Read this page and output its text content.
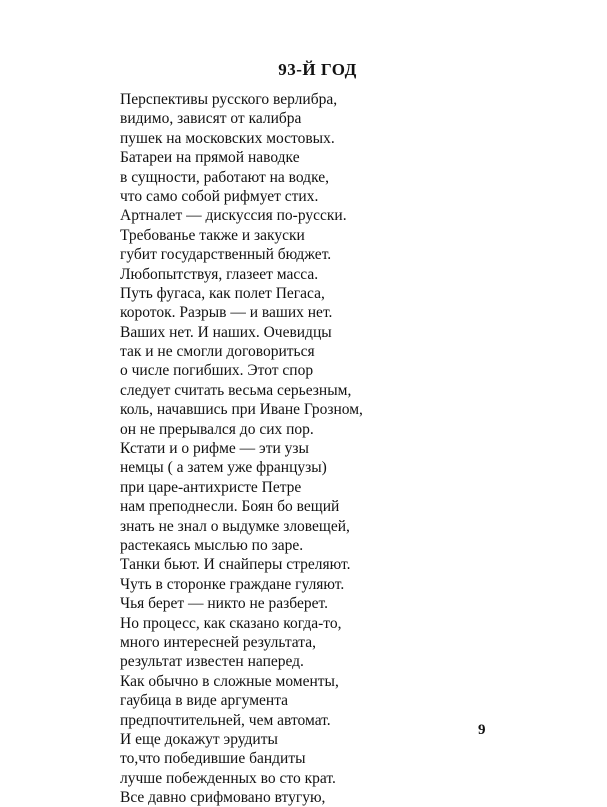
93-Й ГОД
Перспективы русского верлибра,
видимо, зависят от калибра
пушек на московских мостовых.
Батареи на прямой наводке
в сущности, работают на водке,
что само собой рифмует стих.
Артналет — дискуссия по-русски.
Требованье также и закуски
губит государственный бюджет.
Любопытствуя, глазеет масса.
Путь фугаса, как полет Пегаса,
короток. Разрыв — и ваших нет.
Ваших нет. И наших. Очевидцы
так и не смогли договориться
о числе погибших. Этот спор
следует считать весьма серьезным,
коль, начавшись при Иване Грозном,
он не прерывался до сих пор.
Кстати и о рифме — эти узы
немцы ( а затем уже французы)
при царе-антихристе Петре
нам преподнесли. Боян бо вещий
знать не знал о выдумке зловещей,
растекаясь мыслью по заре.
Танки бьют. И снайперы стреляют.
Чуть в сторонке граждане гуляют.
Чья берет — никто не разберет.
Но процесс, как сказано когда-то,
много интересней результата,
результат известен наперед.
Как обычно в сложные моменты,
гаубица в виде аргумента
предпочтительней, чем автомат.
И еще докажут эрудиты
то,что победившие бандиты
лучше побежденных во сто крат.
Все давно срифмовано втугую,
9
